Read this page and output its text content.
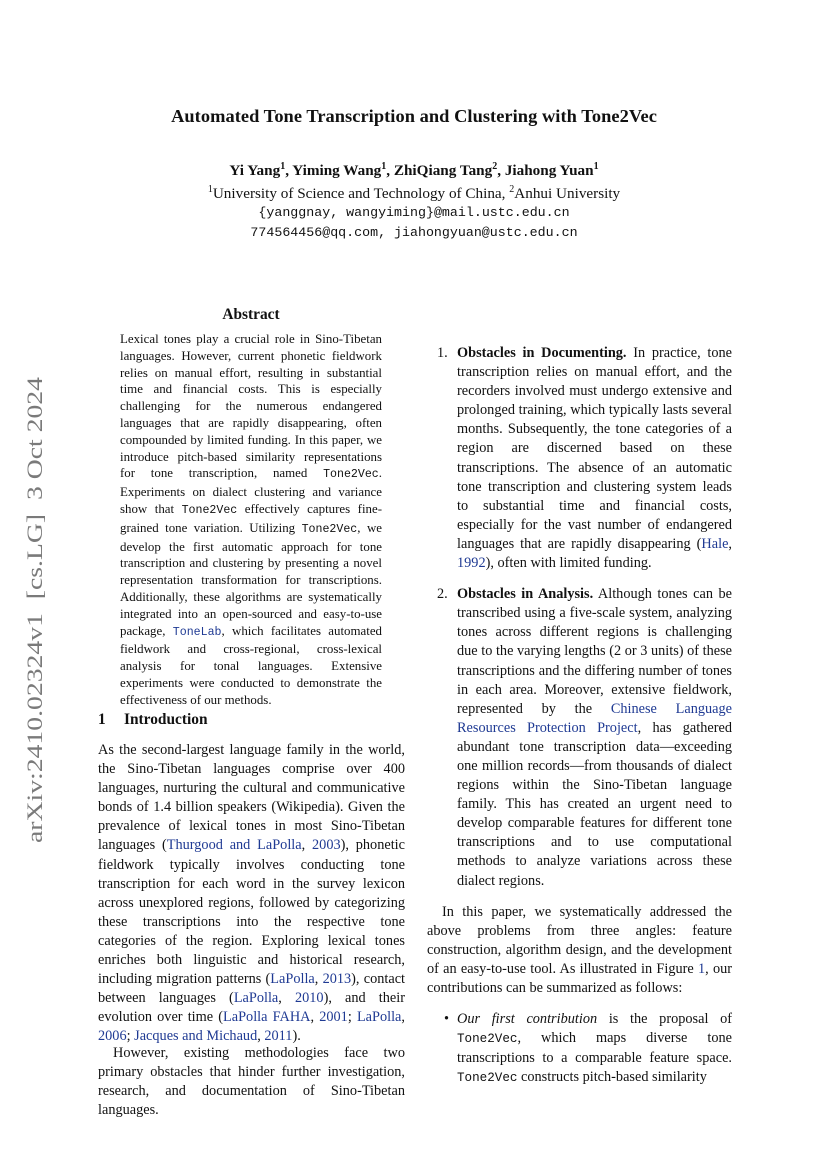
arXiv:2410.02324v1  [cs.LG]  3 Oct 2024
Automated Tone Transcription and Clustering with Tone2Vec
Yi Yang$^1$, Yiming Wang$^1$, ZhiQiang Tang$^2$, Jiahong Yuan$^1$
$^1$University of Science and Technology of China, $^2$Anhui University
{yanggnay, wangyiming}@mail.ustc.edu.cn
774564456@qq.com, jiahongyuan@ustc.edu.cn
Abstract

Lexical tones play a crucial role in Sino-Tibetan languages. However, current phonetic fieldwork relies on manual effort, resulting in substantial time and financial costs. This is especially challenging for the numerous endangered languages that are rapidly disappearing, often compounded by limited funding. In this paper, we introduce pitch-based similarity representations for tone transcription, named Tone2Vec. Experiments on dialect clustering and variance show that Tone2Vec effectively captures fine-grained tone variation. Utilizing Tone2Vec, we develop the first automatic approach for tone transcription and clustering by presenting a novel representation transformation for transcriptions. Additionally, these algorithms are systematically integrated into an open-sourced and easy-to-use package, ToneLab, which facilitates automated fieldwork and cross-regional, cross-lexical analysis for tonal languages. Extensive experiments were conducted to demonstrate the effectiveness of our methods.

1 Introduction

As the second-largest language family in the world, the Sino-Tibetan languages comprise over 400 languages, nurturing the cultural and communicative bonds of 1.4 billion speakers (Wikipedia). Given the prevalence of lexical tones in most Sino-Tibetan languages (Thurgood and LaPolla, 2003), phonetic fieldwork typically involves conducting tone transcription for each word in the survey lexicon across unexplored regions, followed by categorizing these transcriptions into the respective tone categories of the region. Exploring lexical tones enriches both linguistic and historical research, including migration patterns (LaPolla, 2013), contact between languages (LaPolla, 2010), and their evolution over time (LaPolla FAHA, 2001; LaPolla, 2006; Jacques and Michaud, 2011).

However, existing methodologies face two primary obstacles that hinder further investigation, research, and documentation of Sino-Tibetan languages.

1. Obstacles in Documenting. In practice, tone transcription relies on manual effort, and the recorders involved must undergo extensive and prolonged training, which typically lasts several months. Subsequently, the tone categories of a region are discerned based on these transcriptions. The absence of an automatic tone transcription and clustering system leads to substantial time and financial costs, especially for the vast number of endangered languages that are rapidly disappearing (Hale, 1992), often with limited funding.
2. Obstacles in Analysis. Although tones can be transcribed using a five-scale system, analyzing tones across different regions is challenging due to the varying lengths (2 or 3 units) of these transcriptions and the differing number of tones in each area. Moreover, extensive fieldwork, represented by the Chinese Language Resources Protection Project, has gathered abundant tone transcription data—exceeding one million records—from thousands of dialect regions within the Sino-Tibetan language family. This has created an urgent need to develop comparable features for different tone transcriptions and to use computational methods to analyze variations across these dialect regions.

In this paper, we systematically addressed the above problems from three angles: feature construction, algorithm design, and the development of an easy-to-use tool. As illustrated in Figure 1, our contributions can be summarized as follows:

• Our first contribution is the proposal of Tone2Vec, which maps diverse tone transcriptions to a comparable feature space. Tone2Vec constructs pitch-based similarity
